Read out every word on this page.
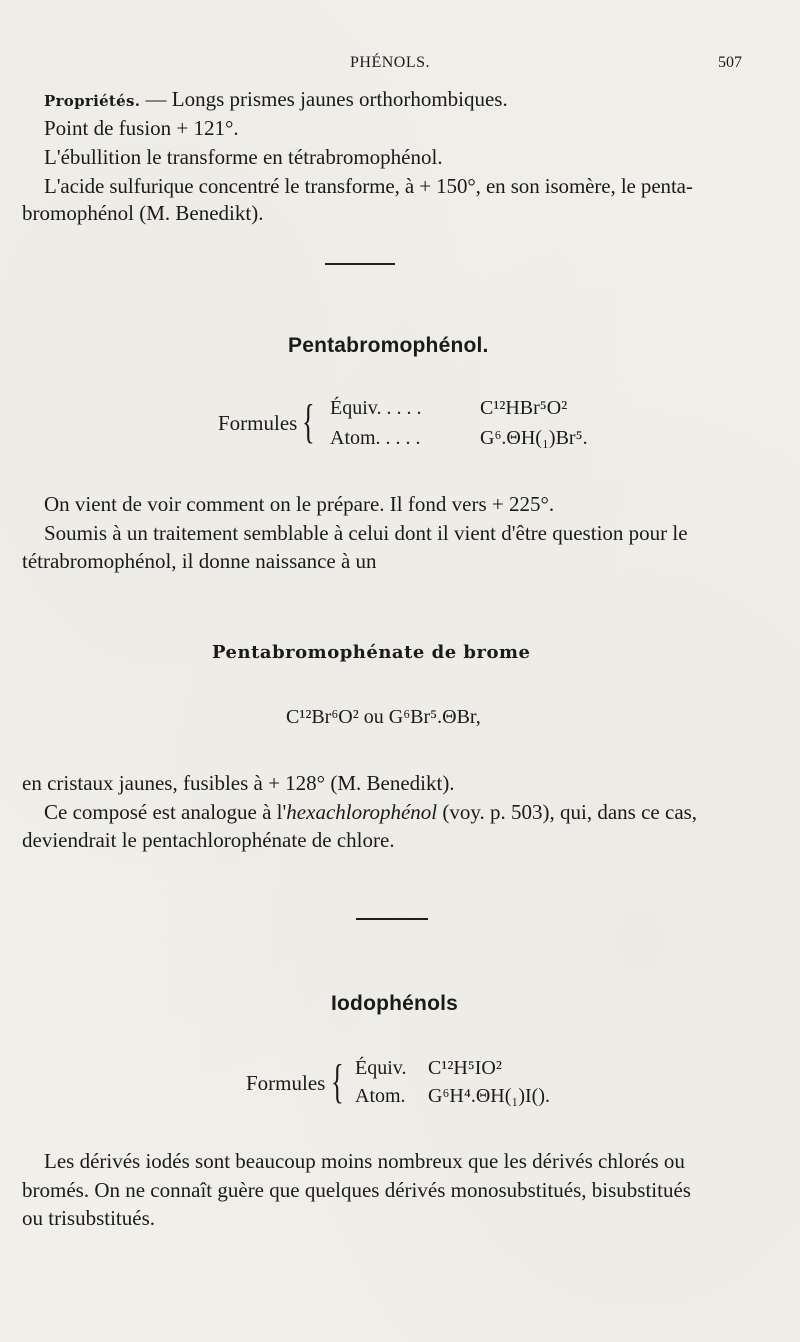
PHÉNOLS.	507
Propriétés. — Longs prismes jaunes orthorhombiques.
Point de fusion + 121°.
L'ébullition le transforme en tétrabromophénol.
L'acide sulfurique concentré le transforme, à + 150°, en son isomère, le penta-
bromophénol (M. Benedikt).
Pentabromophénol.
Formules { Équiv. . . . .	C¹²HBr⁵O²
Atom. . . . .	G⁶.ΘH(₁)Br⁵.
On vient de voir comment on le prépare. Il fond vers + 225°.
Soumis à un traitement semblable à celui dont il vient d'être question pour le
tétrabromophénol, il donne naissance à un
Pentabromophénate de brome
C¹²Br⁶O² ou G⁶Br⁵.ΘBr,
en cristaux jaunes, fusibles à + 128° (M. Benedikt).
Ce composé est analogue à l'hexachlorophénol (voy. p. 503), qui, dans ce cas,
deviendrait le pentachlorophénate de chlore.
Iodophénols
Formules { Équiv. C¹²H⁵IO²
Atom. G⁶H⁴.ΘH(₁)I().
Les dérivés iodés sont beaucoup moins nombreux que les dérivés chlorés ou
bromés. On ne connaît guère que quelques dérivés monosubstitués, bisubstitués
ou trisubstitués.
